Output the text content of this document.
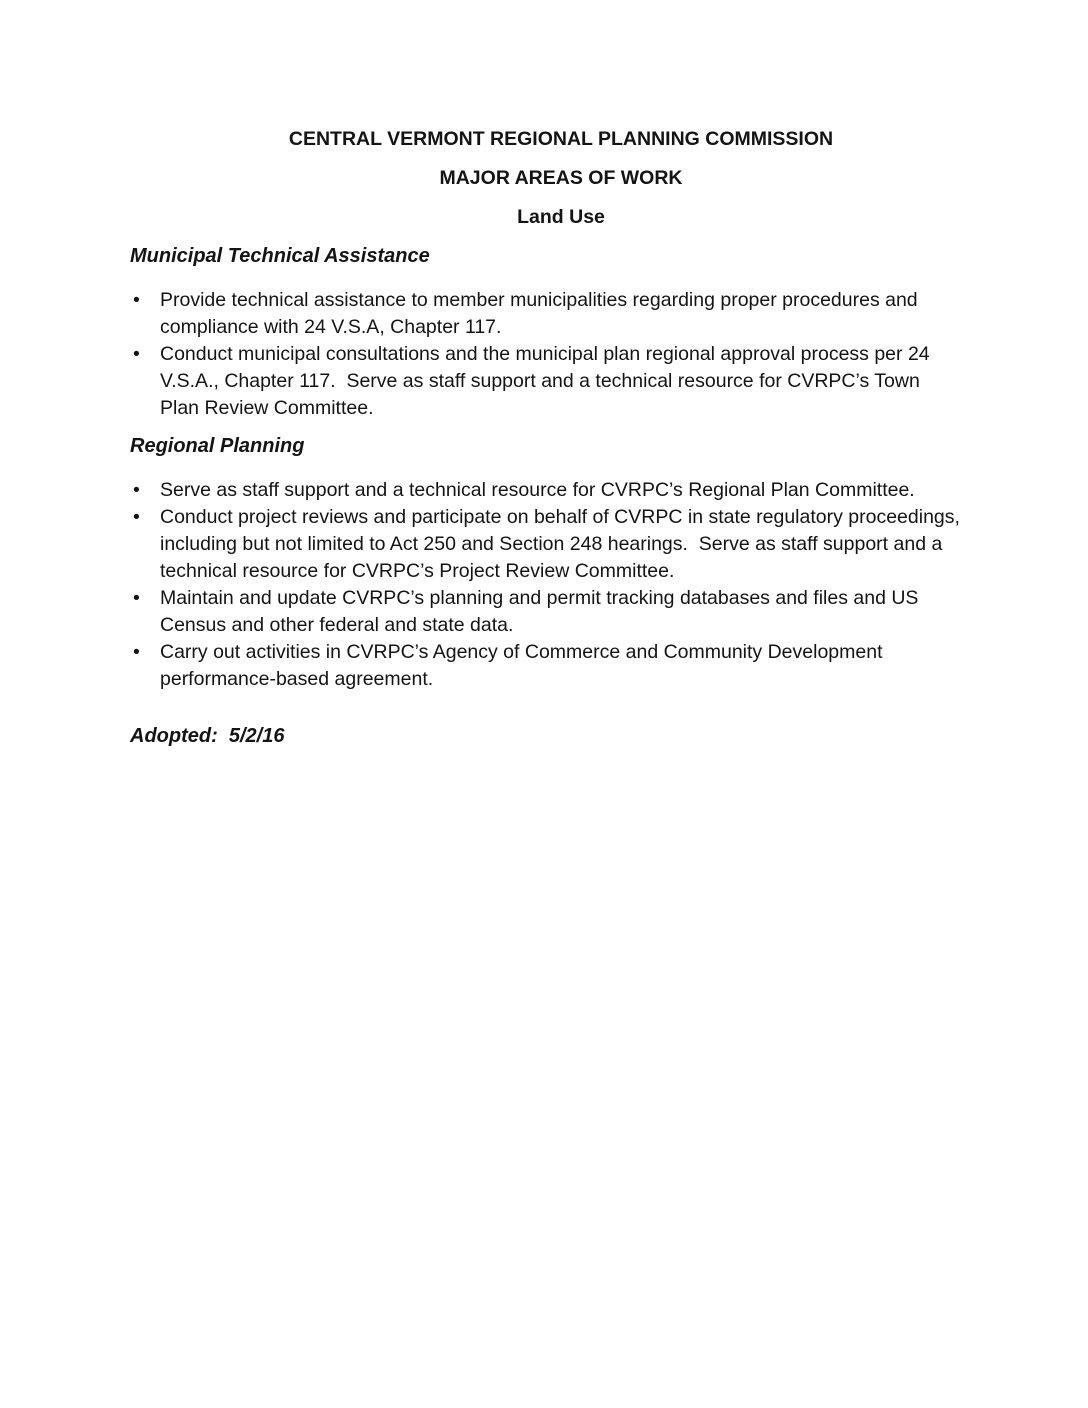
CENTRAL VERMONT REGIONAL PLANNING COMMISSION
MAJOR AREAS OF WORK
Land Use
Municipal Technical Assistance
•	Provide technical assistance to member municipalities regarding proper procedures and compliance with 24 V.S.A, Chapter 117.
•	Conduct municipal consultations and the municipal plan regional approval process per 24 V.S.A., Chapter 117.  Serve as staff support and a technical resource for CVRPC’s Town Plan Review Committee.
Regional Planning
•	Serve as staff support and a technical resource for CVRPC’s Regional Plan Committee.
•	Conduct project reviews and participate on behalf of CVRPC in state regulatory proceedings, including but not limited to Act 250 and Section 248 hearings.  Serve as staff support and a technical resource for CVRPC’s Project Review Committee.
•	Maintain and update CVRPC’s planning and permit tracking databases and files and US Census and other federal and state data.
•	Carry out activities in CVRPC’s Agency of Commerce and Community Development performance-based agreement.
Adopted:  5/2/16
